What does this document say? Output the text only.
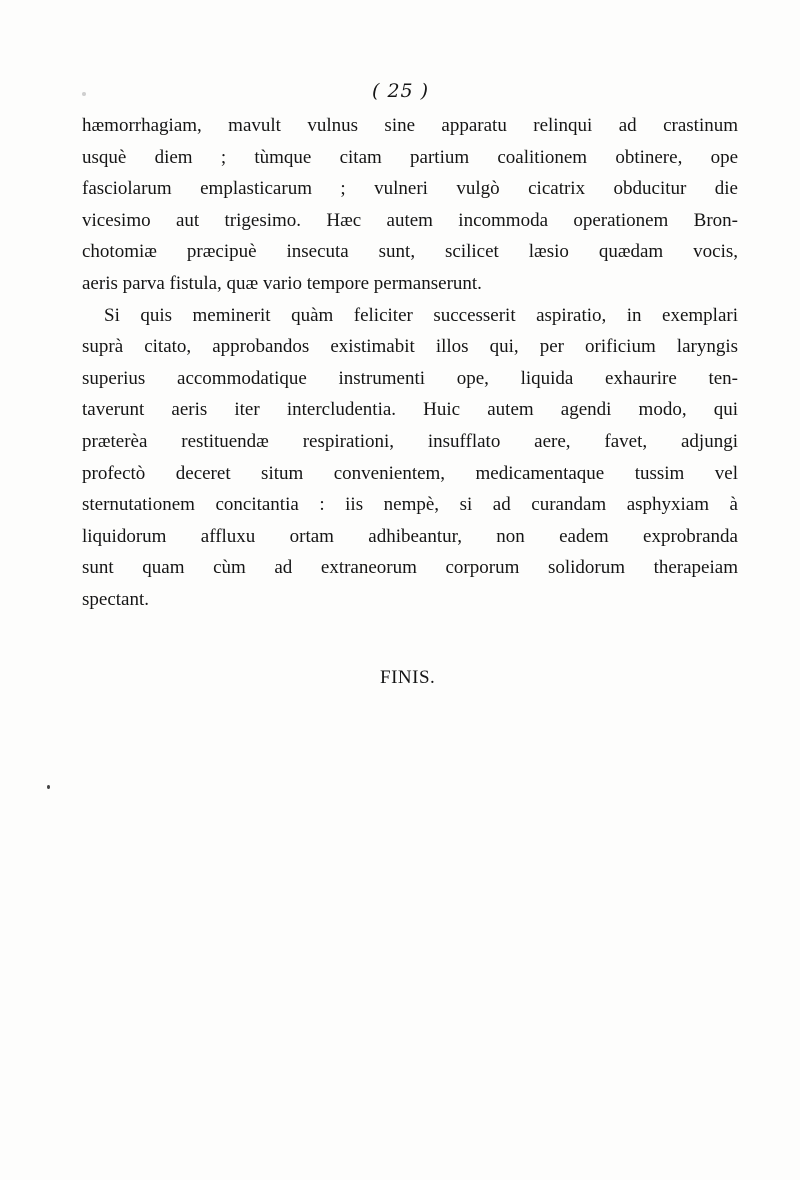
( 25 )
hæmorrhagiam, mavult vulnus sine apparatu relinqui ad crastinum
usquè diem ; tùmque citam partium coalitionem obtinere, ope
fasciolarum emplasticarum ; vulneri vulgò cicatrix obducitur die
vicesimo aut trigesimo. Hæc autem incommoda operationem Bron-
chotomiæ præcipuè insecuta sunt, scilicet læsio quædam vocis,
aeris parva fistula, quæ vario tempore permanserunt.
Si quis meminerit quàm feliciter successerit aspiratio, in exemplari
suprà citato, approbandos existimabit illos qui, per orificium laryngis
superius accommodatique instrumenti ope, liquida exhaurire ten-
taverunt aeris iter intercludentia. Huic autem agendi modo, qui
præterèa restituendæ respirationi, insufflato aere, favet, adjungi
profectò deceret situm convenientem, medicamentaque tussim vel
sternutationem concitantia : iis nempè, si ad curandam asphyxiam à
liquidorum affluxu ortam adhibeantur, non eadem exprobranda
sunt quam cùm ad extraneorum corporum solidorum therapeiam
spectant.
FINIS.
